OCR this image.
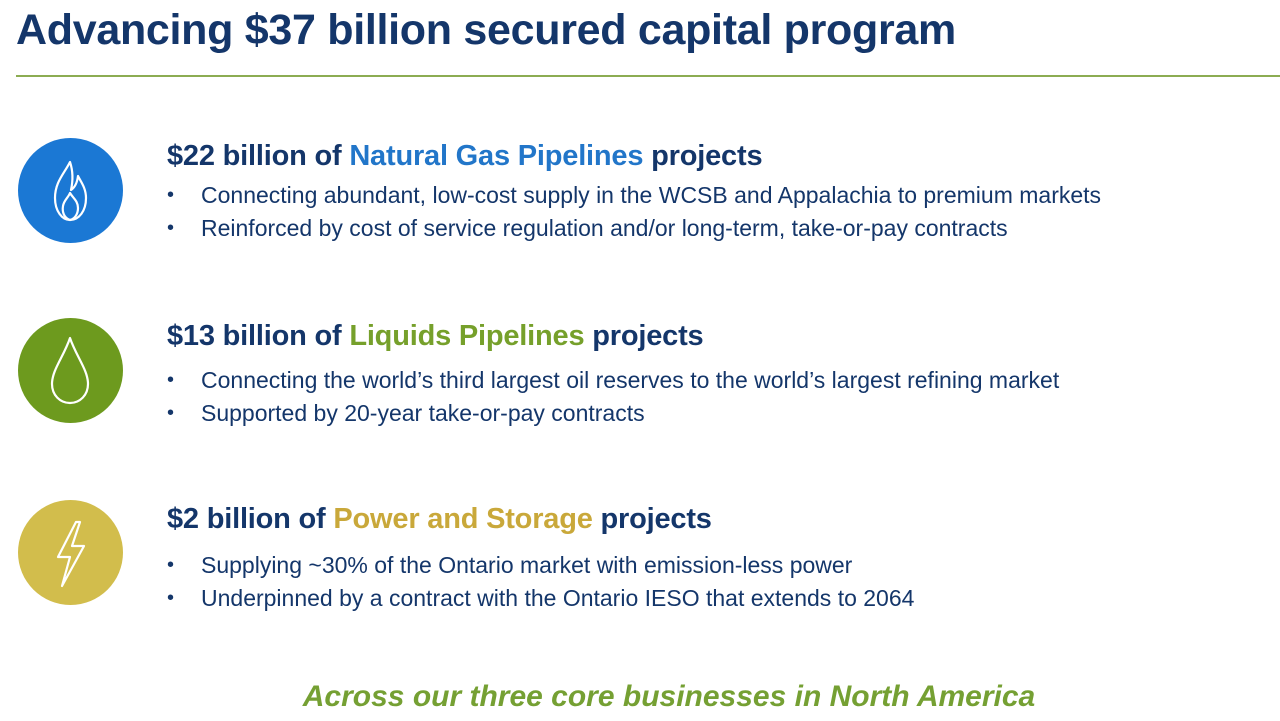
Advancing $37 billion secured capital program
$22 billion of Natural Gas Pipelines projects
• Connecting abundant, low-cost supply in the WCSB and Appalachia to premium markets
• Reinforced by cost of service regulation and/or long-term, take-or-pay contracts
$13 billion of Liquids Pipelines projects
• Connecting the world’s third largest oil reserves to the world’s largest refining market
• Supported by 20-year take-or-pay contracts
$2 billion of Power and Storage projects
• Supplying ~30% of the Ontario market with emission-less power
• Underpinned by a contract with the Ontario IESO that extends to 2064
Across our three core businesses in North America
